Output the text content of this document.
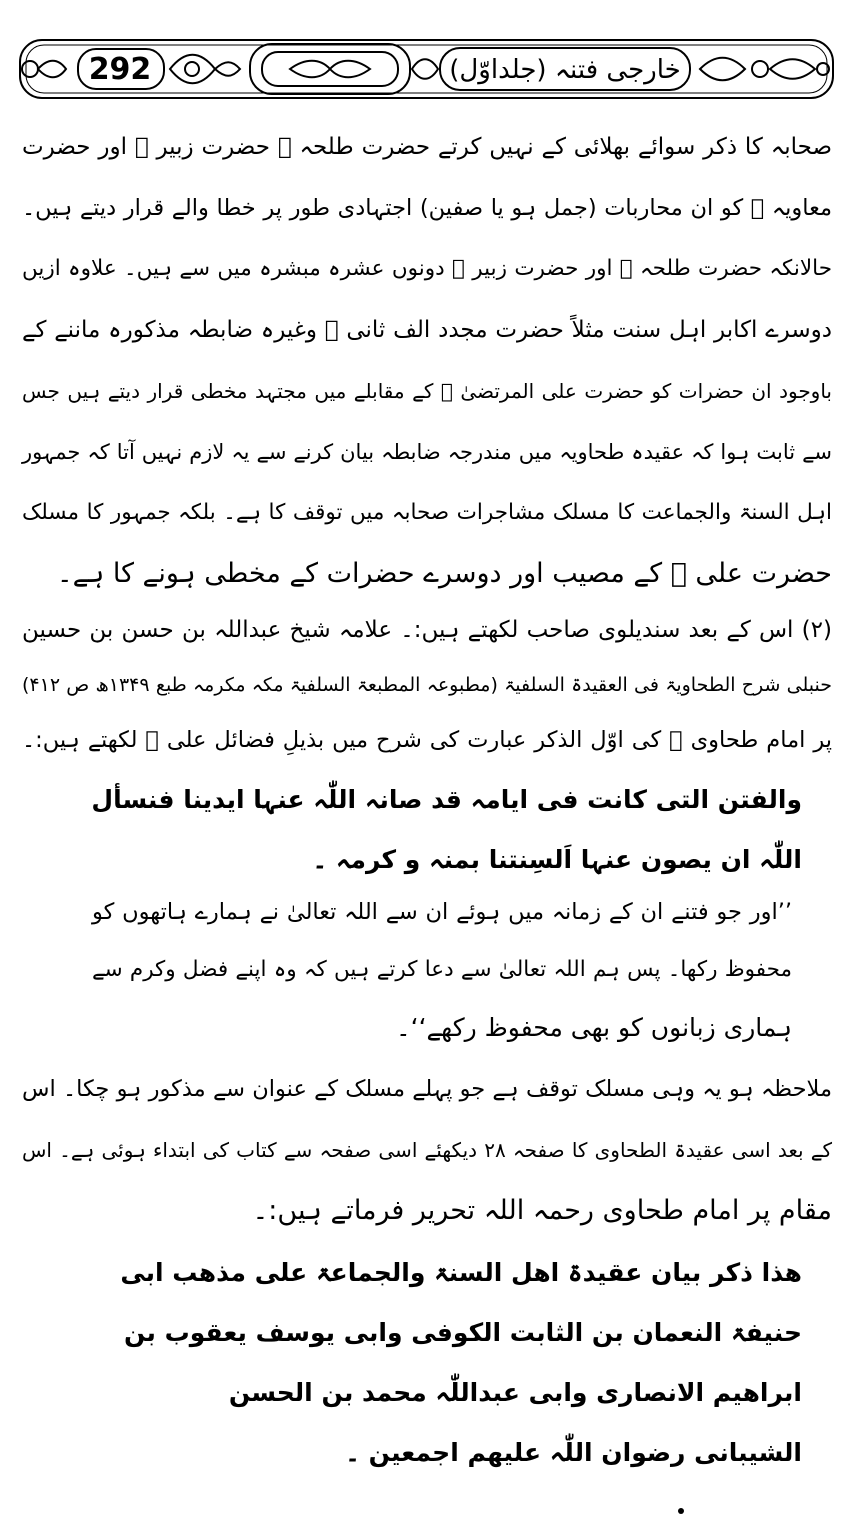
292	خارجی فتنہ (جلداوّل)
صحابہ کا ذکر سوائے بھلائی کے نہیں کرتے حضرت طلحہ ﷜ حضرت زبیر ﷜ اور حضرت
معاویہ ﷜ کو ان محاربات (جمل ہو یا صفین) اجتہادی طور پر خطا والے قرار دیتے ہیں۔
حالانکہ حضرت طلحہ ﷜ اور حضرت زبیر ﷜ دونوں عشرہ مبشرہ میں سے ہیں۔ علاوہ ازیں
دوسرے اکابر اہل سنت مثلاً حضرت مجدد الف ثانی ﷫ وغیرہ ضابطہ مذکورہ ماننے کے
باوجود ان حضرات کو حضرت علی المرتضیٰ ﷜ کے مقابلے میں مجتہد مخطی قرار دیتے ہیں جس
سے ثابت ہوا کہ عقیدہ طحاویہ میں مندرجہ ضابطہ بیان کرنے سے یہ لازم نہیں آتا کہ جمہور
اہل السنۃ والجماعت کا مسلک مشاجرات صحابہ میں توقف کا ہے۔ بلکہ جمہور کا مسلک
حضرت علی ﷜ کے مصیب اور دوسرے حضرات کے مخطی ہونے کا ہے۔
(۲) اس کے بعد سندیلوی صاحب لکھتے ہیں:۔ علامہ شیخ عبداللہ بن حسن بن حسین
حنبلی شرح الطحاویۃ فی العقیدۃ السلفیۃ (مطبوعہ المطبعۃ السلفیۃ مکہ مکرمہ طبع ۱۳۴۹ھ ص ۴۱۲)
پر امام طحاوی ﷫ کی اوّل الذکر عبارت کی شرح میں بذیلِ فضائل علی ﷜ لکھتے ہیں:۔
والفتن التی کانت فی ایامہ قد صانہ اللّٰہ عنہا ایدینا فنسأل
اللّٰہ ان یصون عنہا اَلسِنتنا بمنہ و کرمہ ۔
’’اور جو فتنے ان کے زمانہ میں ہوئے ان سے اللہ تعالیٰ نے ہمارے ہاتھوں کو
محفوظ رکھا۔ پس ہم اللہ تعالیٰ سے دعا کرتے ہیں کہ وہ اپنے فضل وکرم سے
ہماری زبانوں کو بھی محفوظ رکھے‘‘۔
ملاحظہ ہو یہ وہی مسلک توقف ہے جو پہلے مسلک کے عنوان سے مذکور ہو چکا۔ اس
کے بعد اسی عقیدۃ الطحاوی کا صفحہ ۲۸ دیکھئے اسی صفحہ سے کتاب کی ابتداء ہوئی ہے۔ اس
مقام پر امام طحاوی رحمہ اللہ تحریر فرماتے ہیں:۔
ھذا ذکر بیان عقیدۃ اھل السنۃ والجماعۃ علی مذھب ابی
حنیفۃ النعمان بن الثابت الکوفی وابی یوسف یعقوب بن
ابراھیم الانصاری وابی عبداللّٰہ محمد بن الحسن
الشیبانی رضوان اللّٰہ علیھم اجمعین ۔
